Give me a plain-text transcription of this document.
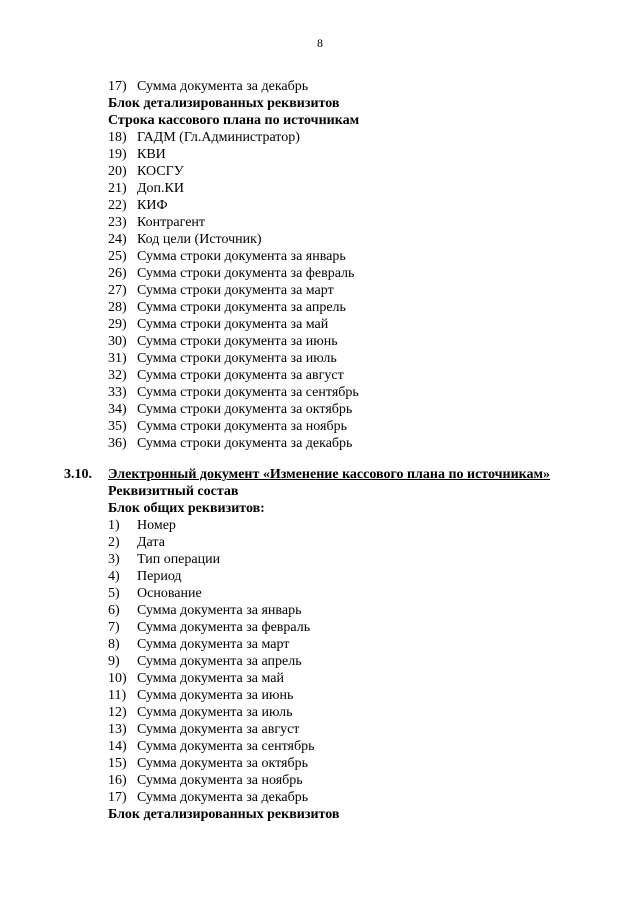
8
17) Сумма документа за декабрь
Блок детализированных реквизитов
Строка кассового плана по источникам
18) ГАДМ (Гл.Администратор)
19) КВИ
20) КОСГУ
21) Доп.КИ
22) КИФ
23) Контрагент
24) Код цели (Источник)
25) Сумма строки документа за январь
26) Сумма строки документа за февраль
27) Сумма строки документа за март
28) Сумма строки документа за апрель
29) Сумма строки документа за май
30) Сумма строки документа за июнь
31) Сумма строки документа за июль
32) Сумма строки документа за август
33) Сумма строки документа за сентябрь
34) Сумма строки документа за октябрь
35) Сумма строки документа за ноябрь
36) Сумма строки документа за декабрь
3.10. Электронный документ «Изменение кассового плана по источникам»
Реквизитный состав
Блок общих реквизитов:
1) Номер
2) Дата
3) Тип операции
4) Период
5) Основание
6) Сумма документа за январь
7) Сумма документа за февраль
8) Сумма документа за март
9) Сумма документа за апрель
10) Сумма документа за май
11) Сумма документа за июнь
12) Сумма документа за июль
13) Сумма документа за август
14) Сумма документа за сентябрь
15) Сумма документа за октябрь
16) Сумма документа за ноябрь
17) Сумма документа за декабрь
Блок детализированных реквизитов
